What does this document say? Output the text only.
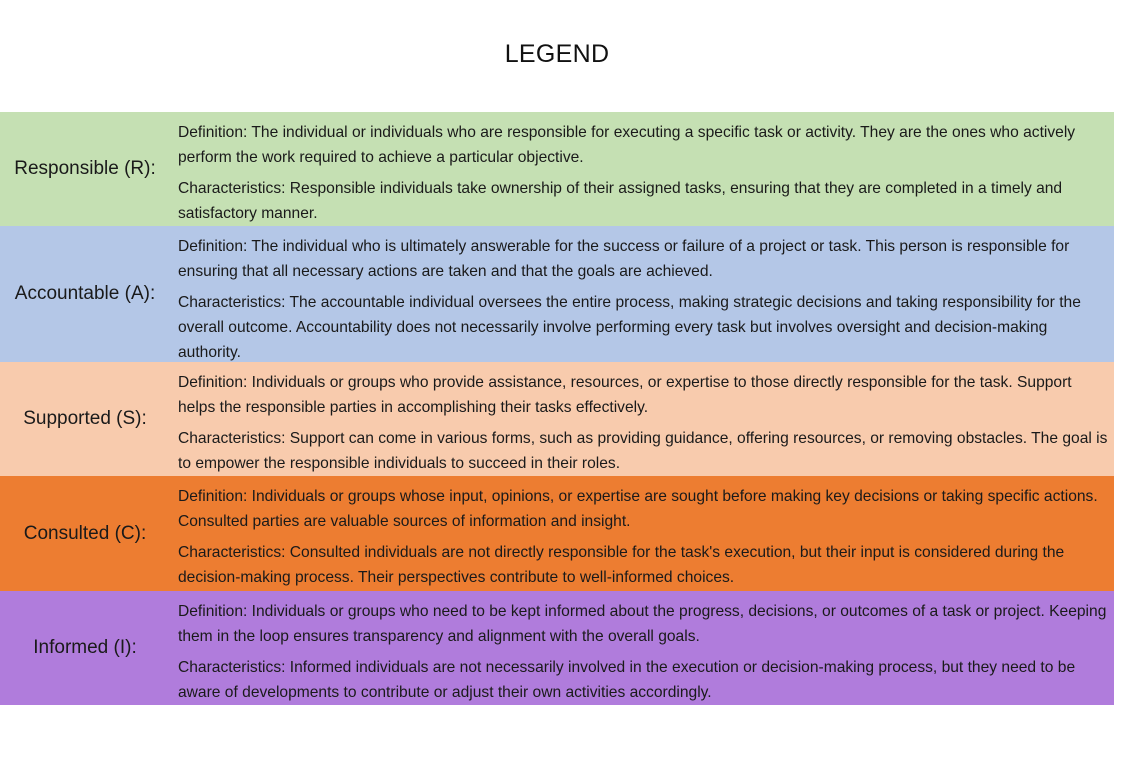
LEGEND
Responsible (R):

Definition: The individual or individuals who are responsible for executing a specific task or activity. They are the ones who actively perform the work required to achieve a particular objective.

Characteristics: Responsible individuals take ownership of their assigned tasks, ensuring that they are completed in a timely and satisfactory manner.

Accountable (A):

Definition: The individual who is ultimately answerable for the success or failure of a project or task. This person is responsible for ensuring that all necessary actions are taken and that the goals are achieved.

Characteristics: The accountable individual oversees the entire process, making strategic decisions and taking responsibility for the overall outcome. Accountability does not necessarily involve performing every task but involves oversight and decision-making authority.

Supported (S):

Definition: Individuals or groups who provide assistance, resources, or expertise to those directly responsible for the task. Support helps the responsible parties in accomplishing their tasks effectively.

Characteristics: Support can come in various forms, such as providing guidance, offering resources, or removing obstacles. The goal is to empower the responsible individuals to succeed in their roles.

Consulted (C):

Definition: Individuals or groups whose input, opinions, or expertise are sought before making key decisions or taking specific actions. Consulted parties are valuable sources of information and insight.

Characteristics: Consulted individuals are not directly responsible for the task's execution, but their input is considered during the decision-making process. Their perspectives contribute to well-informed choices.

Informed (I):

Definition: Individuals or groups who need to be kept informed about the progress, decisions, or outcomes of a task or project. Keeping them in the loop ensures transparency and alignment with the overall goals.

Characteristics: Informed individuals are not necessarily involved in the execution or decision-making process, but they need to be aware of developments to contribute or adjust their own activities accordingly.
